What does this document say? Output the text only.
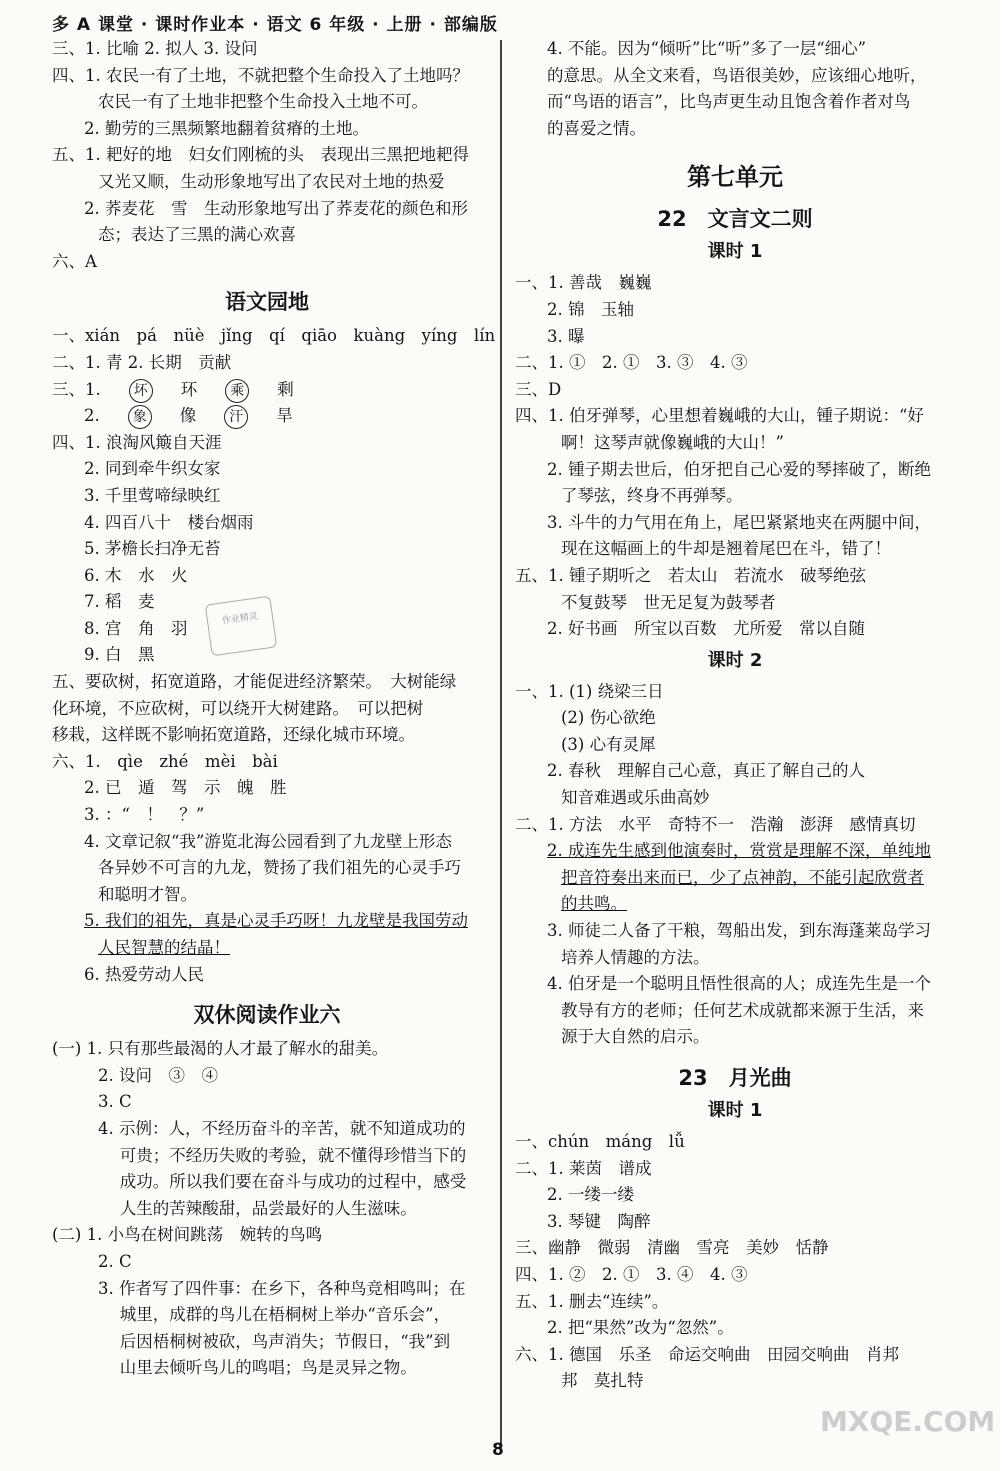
多 A 课堂 · 课时作业本 · 语文 6 年级 · 上册 · 部编版
三、1. 比喻 2. 拟人 3. 设问
四、1. 农民一有了土地，不就把整个生命投入了土地吗？
农民一有了土地非把整个生命投入土地不可。
2. 勤劳的三黑频繁地翻着贫瘠的土地。
五、1. 耙好的地　妇女们刚梳的头　表现出三黑把地耙得
又光又顺，生动形象地写出了农民对土地的热爱
2. 荞麦花　雪　生动形象地写出了荞麦花的颜色和形
态；表达了三黑的满心欢喜
六、A
语文园地
一、xián　pá　nüè　jǐng　qí　qiāo　kuàng　yíng　lín
二、1. 青 2. 长期　贡献
三、1. 坏 环 乘 剩
2. 象 像 汗 旱
四、1. 浪淘风簸自天涯
2. 同到牵牛织女家
3. 千里莺啼绿映红
4. 四百八十　楼台烟雨
5. 茅檐长扫净无苔
6. 木　水　火
7. 稻　麦
8. 宫　角　羽
9. 白　黑
五、要砍树，拓宽道路，才能促进经济繁荣。　大树能绿
化环境，不应砍树，可以绕开大树建路。　可以把树
移栽，这样既不影响拓宽道路，还绿化城市环境。
六、1.　qìe　zhé　mèi　bài
2. 已　遁　驾　示　魄　胜
3. ：“　！　？”
4. 文章记叙“我”游览北海公园看到了九龙壁上形态
各异妙不可言的九龙，赞扬了我们祖先的心灵手巧
和聪明才智。
5. 我们的祖先，真是心灵手巧呀！九龙壁是我国劳动
人民智慧的结晶！
6. 热爱劳动人民
双休阅读作业六
(一) 1. 只有那些最渴的人才最了解水的甜美。
2. 设问　③　④
3. C
4. 示例：人，不经历奋斗的辛苦，就不知道成功的
　 可贵；不经历失败的考验，就不懂得珍惜当下的
　 成功。所以我们要在奋斗与成功的过程中，感受
　 人生的苦辣酸甜，品尝最好的人生滋味。
(二) 1. 小鸟在树间跳荡　婉转的鸟鸣
2. C
3. 作者写了四件事：在乡下，各种鸟竞相鸣叫；在
　 城里，成群的鸟儿在梧桐树上举办“音乐会”，
　 后因梧桐树被砍，鸟声消失；节假日，“我”到
　 山里去倾听鸟儿的鸣唱；鸟是灵异之物。
4. 不能。因为“倾听”比“听”多了一层“细心”
的意思。从全文来看，鸟语很美妙，应该细心地听，
而“鸟语的语言”，比鸟声更生动且饱含着作者对鸟
的喜爱之情。
第七单元
22　文言文二则
课时 1
一、1. 善哉　巍巍
2. 锦　玉轴
3. 曝
二、1. ①　2. ①　3. ③　4. ③
三、D
四、1. 伯牙弹琴，心里想着巍峨的大山，锺子期说：“好
啊！这琴声就像巍峨的大山！”
2. 锺子期去世后，伯牙把自己心爱的琴摔破了，断绝
了琴弦，终身不再弹琴。
3. 斗牛的力气用在角上，尾巴紧紧地夹在两腿中间，
现在这幅画上的牛却是翘着尾巴在斗，错了！
五、1. 锺子期听之　若太山　若流水　破琴绝弦
不复鼓琴　世无足复为鼓琴者
2. 好书画　所宝以百数　尤所爱　常以自随
课时 2
一、1. (1) 绕梁三日
(2) 伤心欲绝
(3) 心有灵犀
2. 春秋　理解自己心意，真正了解自己的人
知音难遇或乐曲高妙
二、1. 方法　水平　奇特不一　浩瀚　澎湃　感情真切
2. 成连先生感到他演奏时，赏赏是理解不深，单纯地
把音符奏出来而已，少了点神韵，不能引起欣赏者
的共鸣。
3. 师徒二人备了干粮，驾船出发，到东海蓬莱岛学习
培养人情趣的方法。
4. 伯牙是一个聪明且悟性很高的人；成连先生是一个
教导有方的老师；任何艺术成就都来源于生活，来
源于大自然的启示。
23　月光曲
课时 1
一、chún　máng　lǚ
二、1. 莱茵　谱成
2. 一缕一缕
3. 琴键　陶醉
三、幽静　微弱　清幽　雪亮　美妙　恬静
四、1. ②　2. ①　3. ④　4. ③
五、1. 删去“连续”。
2. 把“果然”改为“忽然”。
六、1. 德国　乐圣　命运交响曲　田园交响曲　肖邦
邦　莫扎特

作业精灵
MXQE.COM
8
